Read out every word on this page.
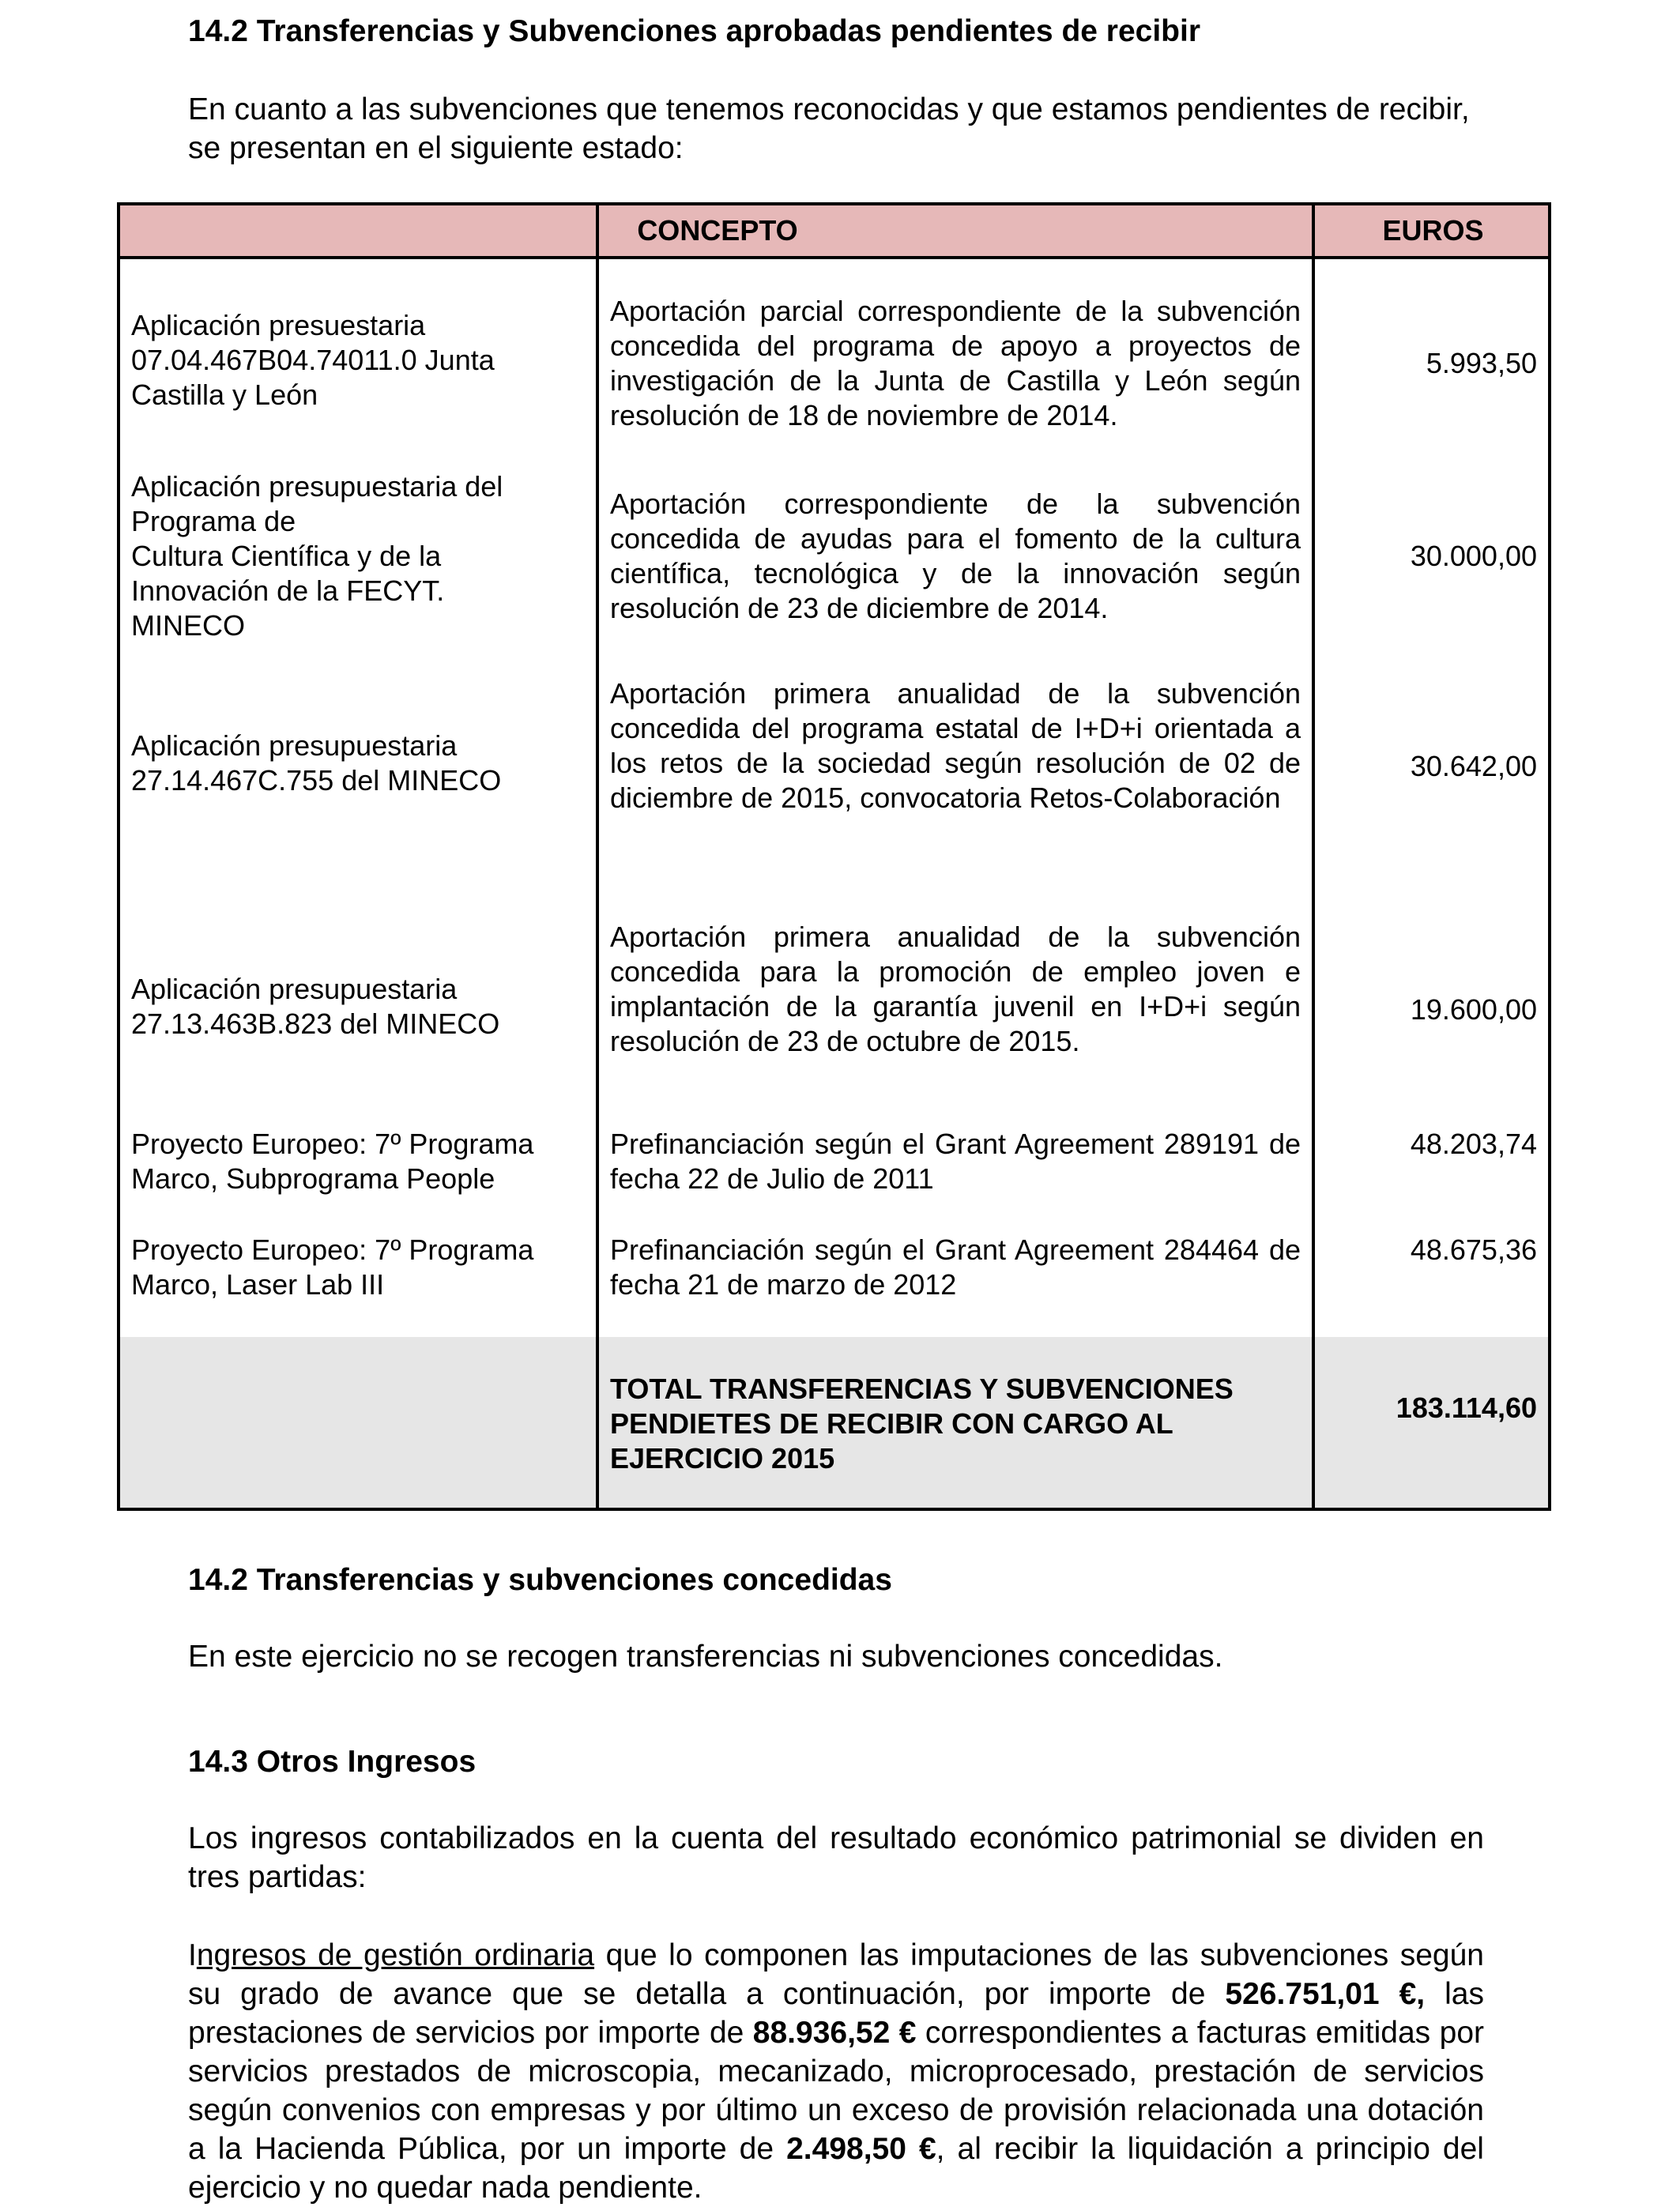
14.2 Transferencias y Subvenciones aprobadas pendientes de recibir

En cuanto a las subvenciones que tenemos reconocidas y que estamos pendientes de recibir, se presentan en el siguiente estado:

CONCEPTO	EUROS

Aplicación presuestaria
07.04.467B04.74011.0 Junta
Castilla y León

Aportación parcial correspondiente de la subvención concedida del programa de apoyo a proyectos de investigación de la Junta de Castilla y León según resolución de 18 de noviembre de 2014.

5.993,50

Aplicación presupuestaria del
Programa de
Cultura Científica y de la
Innovación de la FECYT.
MINECO

Aportación correspondiente de la subvención concedida de ayudas para el fomento de la cultura científica, tecnológica y de la innovación según resolución de 23 de diciembre de 2014.

30.000,00

Aplicación presupuestaria
27.14.467C.755 del MINECO

Aportación primera anualidad de la subvención concedida del programa estatal de I+D+i orientada a los retos de la sociedad según resolución de 02 de diciembre de 2015, convocatoria Retos-Colaboración

30.642,00

Aplicación presupuestaria
27.13.463B.823 del MINECO

Aportación primera anualidad de la subvención concedida para la promoción de empleo joven e implantación de la garantía juvenil en I+D+i según resolución de 23 de octubre de 2015.

19.600,00

Proyecto Europeo: 7º Programa
Marco, Subprograma People

Prefinanciación según el Grant Agreement 289191 de fecha 22 de Julio de 2011

48.203,74

Proyecto Europeo: 7º Programa
Marco, Laser Lab III

Prefinanciación según el Grant Agreement 284464 de fecha 21 de marzo de 2012

48.675,36

TOTAL TRANSFERENCIAS Y SUBVENCIONES PENDIETES DE RECIBIR CON CARGO AL EJERCICIO 2015

183.114,60

14.2 Transferencias y subvenciones concedidas

En este ejercicio no se recogen transferencias ni subvenciones concedidas.

14.3 Otros Ingresos

Los ingresos contabilizados en la cuenta del resultado económico patrimonial se dividen en tres partidas:

Ingresos de gestión ordinaria que lo componen las imputaciones de las subvenciones según su grado de avance que se detalla a continuación, por importe de 526.751,01 €, las prestaciones de servicios por importe de 88.936,52 € correspondientes a facturas emitidas por servicios prestados de microscopia, mecanizado, microprocesado, prestación de servicios según convenios con empresas y por último un exceso de provisión relacionada una dotación a la Hacienda Pública, por un importe de 2.498,50 €, al recibir la liquidación a principio del ejercicio y no quedar nada pendiente.
